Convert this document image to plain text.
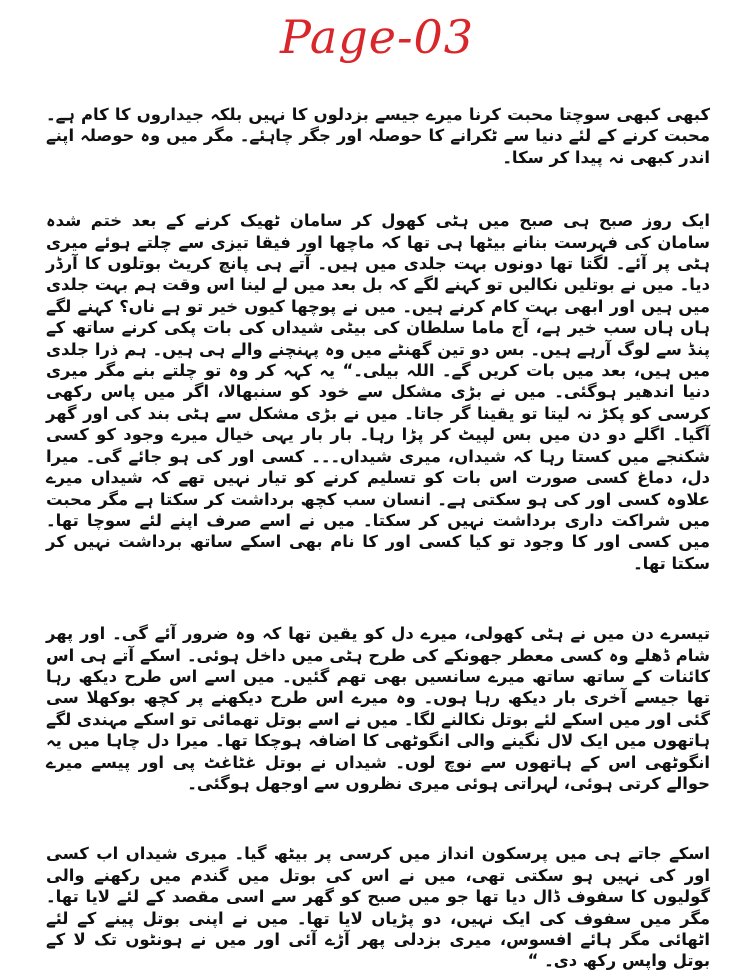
Page-03

کبھی کبھی سوچتا محبت کرنا میرے جیسے بزدلوں کا نہیں بلکہ جیداروں کا کام ہے۔ محبت کرنے کے لئے دنیا سے ٹکرانے کا حوصلہ اور جگر چاہئے۔ مگر میں وہ حوصلہ اپنے اندر کبھی نہ پیدا کر سکا۔

ایک روز صبح ہی صبح میں ہٹی کھول کر سامان ٹھیک کرنے کے بعد ختم شدہ سامان کی فہرست بنانے بیٹھا ہی تھا کہ ماچھا اور فیقا تیزی سے چلتے ہوئے میری ہٹی پر آئے۔ لگتا تھا دونوں بہت جلدی میں ہیں۔ آتے ہی پانچ کریٹ بوتلوں کا آرڈر دیا۔ میں نے بوتلیں نکالیں تو کہنے لگے کہ بل بعد میں لے لینا اس وقت ہم بہت جلدی میں ہیں اور ابھی بہت کام کرنے ہیں۔ میں نے پوچھا کیوں خیر تو ہے ناں؟ کہنے لگے ہاں ہاں سب خیر ہے، آج ماما سلطان کی بیٹی شیداں کی بات پکی کرنے ساتھ کے پنڈ سے لوگ آرہے ہیں۔ بس دو تین گھنٹے میں وہ پہنچنے والے ہی ہیں۔ ہم ذرا جلدی میں ہیں، بعد میں بات کریں گے۔ اللہ بیلی۔“ یہ کہہ کر وہ تو چلتے بنے مگر میری دنیا اندھیر ہوگئی۔ میں نے بڑی مشکل سے خود کو سنبھالا، اگر میں پاس رکھی کرسی کو پکڑ نہ لیتا تو یقینا گر جاتا۔ میں نے بڑی مشکل سے ہٹی بند کی اور گھر آگیا۔ اگلے دو دن میں بس لپیٹ کر پڑا رہا۔ بار بار یہی خیال میرے وجود کو کسی شکنجے میں کستا رہا کہ شیداں، میری شیداں۔۔۔ کسی اور کی ہو جائے گی۔ میرا دل، دماغ کسی صورت اس بات کو تسلیم کرنے کو تیار نہیں تھے کہ شیداں میرے علاوہ کسی اور کی ہو سکتی ہے۔ انسان سب کچھ برداشت کر سکتا ہے مگر محبت میں شراکت داری برداشت نہیں کر سکتا۔ میں نے اسے صرف اپنے لئے سوچا تھا۔ میں کسی اور کا وجود تو کیا کسی اور کا نام بھی اسکے ساتھ برداشت نہیں کر سکتا تھا۔

تیسرے دن میں نے ہٹی کھولی، میرے دل کو یقین تھا کہ وہ ضرور آئے گی۔ اور پھر شام ڈھلے وہ کسی معطر جھونکے کی طرح ہٹی میں داخل ہوئی۔ اسکے آتے ہی اس کائنات کے ساتھ ساتھ میرے سانسیں بھی تھم گئیں۔ میں اسے اس طرح دیکھ رہا تھا جیسے آخری بار دیکھ رہا ہوں۔ وہ میرے اس طرح دیکھنے پر کچھ بوکھلا سی گئی اور میں اسکے لئے بوتل نکالنے لگا۔ میں نے اسے بوتل تھمائی تو اسکے مہندی لگے ہاتھوں میں ایک لال نگینے والی انگوٹھی کا اضافہ ہوچکا تھا۔ میرا دل چاہا میں یہ انگوٹھی اس کے ہاتھوں سے نوچ لوں۔ شیداں نے بوتل غٹاغٹ پی اور پیسے میرے حوالے کرتی ہوئی، لہراتی ہوئی میری نظروں سے اوجھل ہوگئی۔

اسکے جاتے ہی میں پرسکون انداز میں کرسی پر بیٹھ گیا۔ میری شیداں اب کسی اور کی نہیں ہو سکتی تھی، میں نے اس کی بوتل میں گندم میں رکھنے والی گولیوں کا سفوف ڈال دیا تھا جو میں صبح کو گھر سے اسی مقصد کے لئے لایا تھا۔ مگر میں سفوف کی ایک نہیں، دو پڑیاں لایا تھا۔ میں نے اپنی بوتل پینے کے لئے اٹھائی مگر ہائے افسوس، میری بزدلی پھر آڑے آئی اور میں نے ہونٹوں تک لا کے بوتل واپس رکھ دی۔ “
